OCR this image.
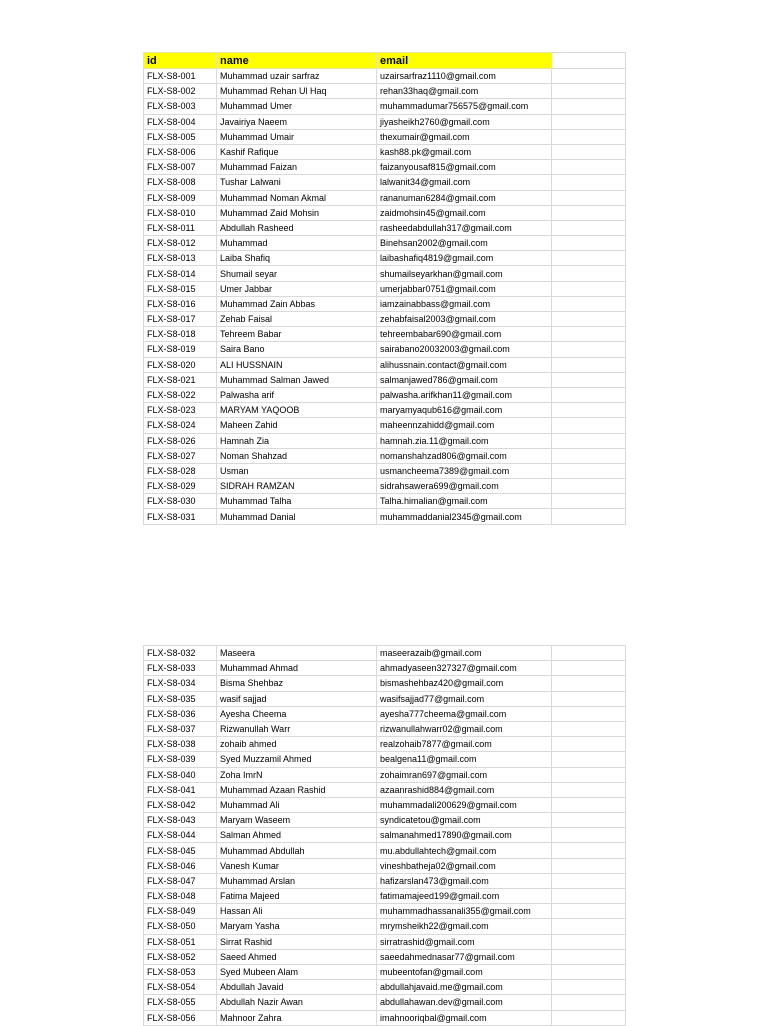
id	name	email	
FLX-S8-001	Muhammad uzair sarfraz	uzairsarfraz1110@gmail.com	
FLX-S8-002	Muhammad Rehan Ul Haq	rehan33haq@gmail.com	
FLX-S8-003	Muhammad Umer	muhammadumar756575@gmail.com	
FLX-S8-004	Javairiya Naeem	jiyasheikh2760@gmail.com	
FLX-S8-005	Muhammad Umair	thexumair@gmail.com	
FLX-S8-006	Kashif Rafique	kash88.pk@gmail.com	
FLX-S8-007	Muhammad Faizan	faizanyousaf815@gmail.com	
FLX-S8-008	Tushar Lalwani	lalwanit34@gmail.com	
FLX-S8-009	Muhammad Noman Akmal	rananuman6284@gmail.com	
FLX-S8-010	Muhammad Zaid Mohsin	zaidmohsin45@gmail.com	
FLX-S8-011	Abdullah Rasheed	rasheedabdullah317@gmail.com	
FLX-S8-012	Muhammad	Binehsan2002@gmail.com	
FLX-S8-013	Laiba Shafiq	laibashafiq4819@gmail.com	
FLX-S8-014	Shumail seyar	shumailseyarkhan@gmail.com	
FLX-S8-015	Umer Jabbar	umerjabbar0751@gmail.com	
FLX-S8-016	Muhammad Zain Abbas	iamzainabbass@gmail.com	
FLX-S8-017	Zehab Faisal	zehabfaisal2003@gmail.com	
FLX-S8-018	Tehreem Babar	tehreembabar690@gmail.com	
FLX-S8-019	Saira Bano	sairabano20032003@gmail.com	
FLX-S8-020	ALI HUSSNAIN	alihussnain.contact@gmail.com	
FLX-S8-021	Muhammad Salman Jawed	salmanjawed786@gmail.com	
FLX-S8-022	Palwasha arif	palwasha.arifkhan11@gmail.com	
FLX-S8-023	MARYAM YAQOOB	maryamyaqub616@gmail.com	
FLX-S8-024	Maheen Zahid	maheennzahidd@gmail.com	
FLX-S8-026	Hamnah Zia	hamnah.zia.11@gmail.com	
FLX-S8-027	Noman Shahzad	nomanshahzad806@gmail.com	
FLX-S8-028	Usman	usmancheema7389@gmail.com	
FLX-S8-029	SIDRAH RAMZAN	sidrahsawera699@gmail.com	
FLX-S8-030	Muhammad Talha	Talha.himalian@gmail.com	
FLX-S8-031	Muhammad Danial	muhammaddanial2345@gmail.com	
FLX-S8-032	Maseera	maseerazaib@gmail.com	
FLX-S8-033	Muhammad Ahmad	ahmadyaseen327327@gmail.com	
FLX-S8-034	Bisma Shehbaz	bismashehbaz420@gmail.com	
FLX-S8-035	wasif sajjad	wasifsajjad77@gmail.com	
FLX-S8-036	Ayesha Cheema	ayesha777cheema@gmail.com	
FLX-S8-037	Rizwanullah Warr	rizwanullahwarr02@gmail.com	
FLX-S8-038	zohaib ahmed	realzohaib7877@gmail.com	
FLX-S8-039	Syed Muzzamil Ahmed	bealgena11@gmail.com	
FLX-S8-040	Zoha ImrN	zohaimran697@gmail.com	
FLX-S8-041	Muhammad Azaan Rashid	azaanrashid884@gmail.com	
FLX-S8-042	Muhammad Ali	muhammadali200629@gmail.com	
FLX-S8-043	Maryam Waseem	syndicatetou@gmail.com	
FLX-S8-044	Salman Ahmed	salmanahmed17890@gmail.com	
FLX-S8-045	Muhammad Abdullah	mu.abdullahtech@gmail.com	
FLX-S8-046	Vanesh Kumar	vineshbatheja02@gmail.com	
FLX-S8-047	Muhammad Arslan	hafizarslan473@gmail.com	
FLX-S8-048	Fatima Majeed	fatimamajeed199@gmail.com	
FLX-S8-049	Hassan Ali	muhammadhassanali355@gmail.com	
FLX-S8-050	Maryam Yasha	mrymsheikh22@gmail.com	
FLX-S8-051	Sirrat Rashid	sirratrashid@gmail.com	
FLX-S8-052	Saeed Ahmed	saeedahmednasar77@gmail.com	
FLX-S8-053	Syed Mubeen Alam	mubeentofan@gmail.com	
FLX-S8-054	Abdullah Javaid	abdullahjavaid.me@gmail.com	
FLX-S8-055	Abdullah Nazir Awan	abdullahawan.dev@gmail.com	
FLX-S8-056	Mahnoor Zahra	imahnooriqbal@gmail.com	
